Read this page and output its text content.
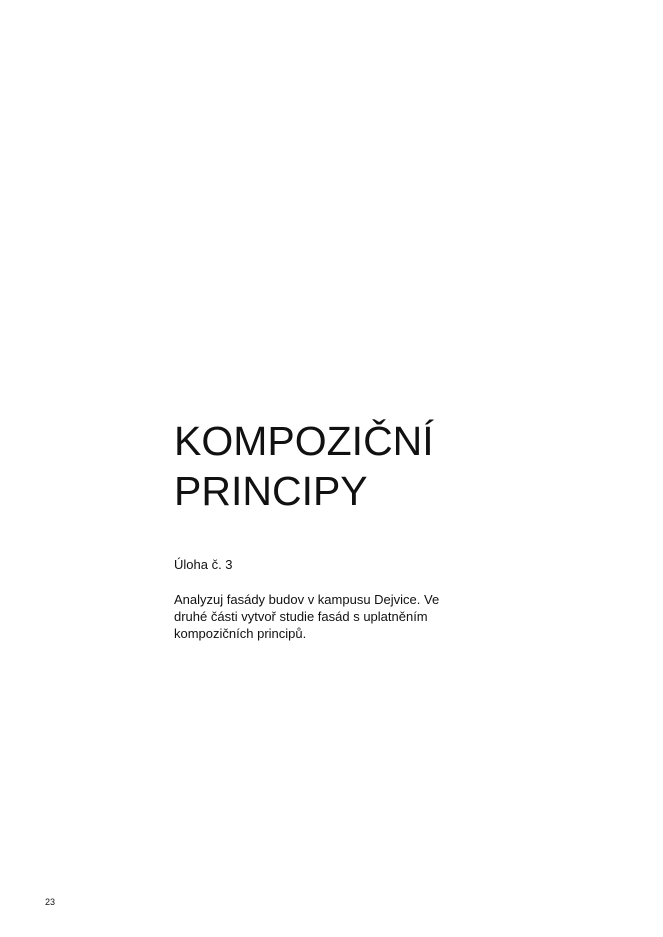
KOMPOZIČNÍ
PRINCIPY
Úloha č. 3
Analyzuj fasády budov v kampusu Dejvice. Ve
druhé části vytvoř studie fasád s uplatněním
kompozičních principů.
23
